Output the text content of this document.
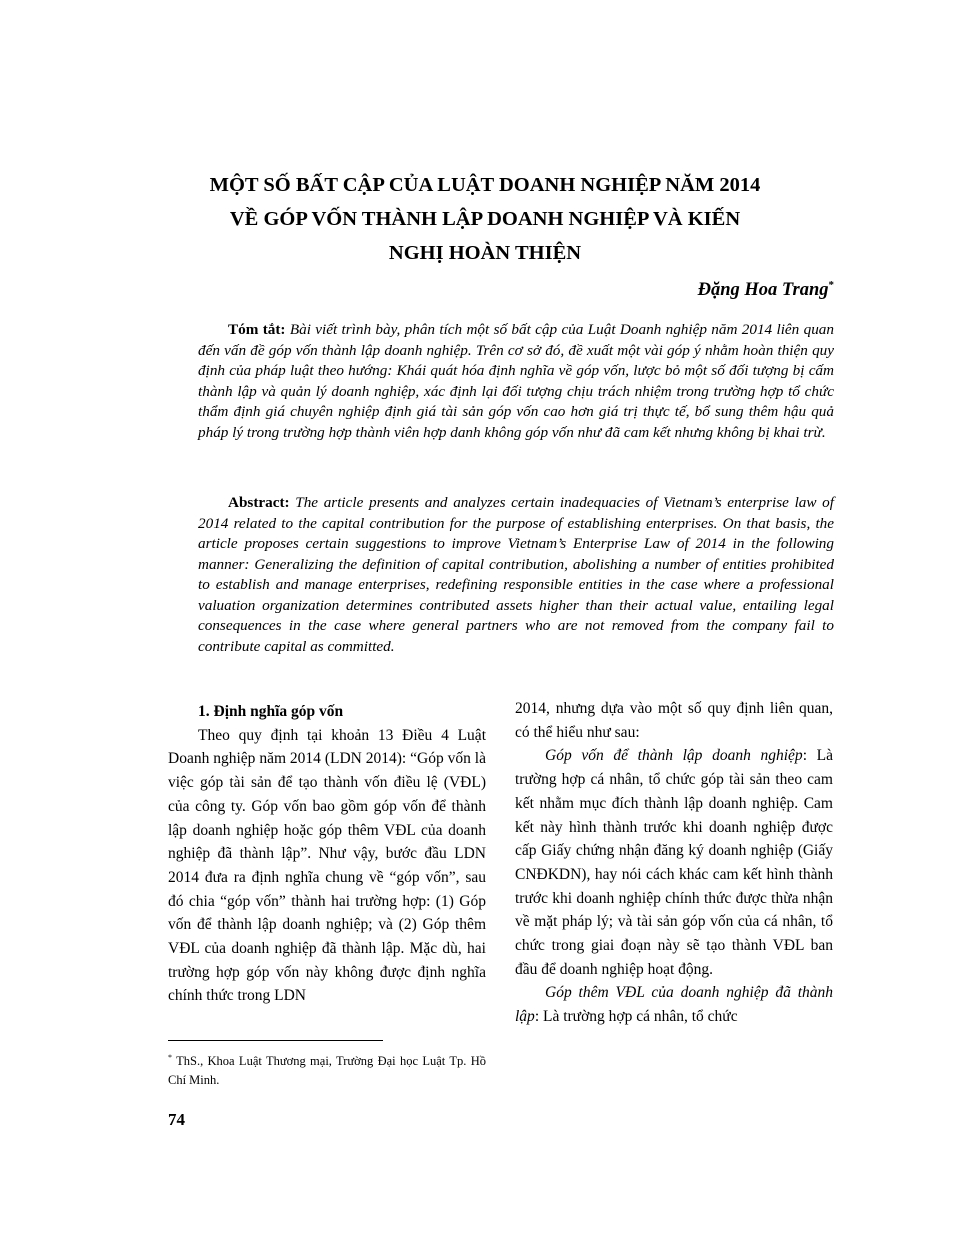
MỘT SỐ BẤT CẬP CỦA LUẬT DOANH NGHIỆP NĂM 2014
VỀ GÓP VỐN THÀNH LẬP DOANH NGHIỆP VÀ KIẾN
NGHỊ HOÀN THIỆN
Đặng Hoa Trang*

Tóm tắt: Bài viết trình bày, phân tích một số bất cập của Luật Doanh nghiệp năm 2014 liên quan đến vấn đề góp vốn thành lập doanh nghiệp. Trên cơ sở đó, đề xuất một vài góp ý nhằm hoàn thiện quy định của pháp luật theo hướng: Khái quát hóa định nghĩa về góp vốn, lược bỏ một số đối tượng bị cấm thành lập và quản lý doanh nghiệp, xác định lại đối tượng chịu trách nhiệm trong trường hợp tổ chức thẩm định giá chuyên nghiệp định giá tài sản góp vốn cao hơn giá trị thực tế, bổ sung thêm hậu quả pháp lý trong trường hợp thành viên hợp danh không góp vốn như đã cam kết nhưng không bị khai trừ.

Abstract: The article presents and analyzes certain inadequacies of Vietnam’s enterprise law of 2014 related to the capital contribution for the purpose of establishing enterprises. On that basis, the article proposes certain suggestions to improve Vietnam’s Enterprise Law of 2014 in the following manner: Generalizing the definition of capital contribution, abolishing a number of entities prohibited to establish and manage enterprises, redefining responsible entities in the case where a professional valuation organization determines contributed assets higher than their actual value, entailing legal consequences in the case where general partners who are not removed from the company fail to contribute capital as committed.

1. Định nghĩa góp vốn

Theo quy định tại khoản 13 Điều 4 Luật Doanh nghiệp năm 2014 (LDN 2014): “Góp vốn là việc góp tài sản để tạo thành vốn điều lệ (VĐL) của công ty. Góp vốn bao gồm góp vốn để thành lập doanh nghiệp hoặc góp thêm VĐL của doanh nghiệp đã thành lập”. Như vậy, bước đầu LDN 2014 đưa ra định nghĩa chung về “góp vốn”, sau đó chia “góp vốn” thành hai trường hợp: (1) Góp vốn để thành lập doanh nghiệp; và (2) Góp thêm VĐL của doanh nghiệp đã thành lập. Mặc dù, hai trường hợp góp vốn này không được định nghĩa chính thức trong LDN

2014, nhưng dựa vào một số quy định liên quan, có thể hiểu như sau:

Góp vốn để thành lập doanh nghiệp: Là trường hợp cá nhân, tổ chức góp tài sản theo cam kết nhằm mục đích thành lập doanh nghiệp. Cam kết này hình thành trước khi doanh nghiệp được cấp Giấy chứng nhận đăng ký doanh nghiệp (Giấy CNĐKDN), hay nói cách khác cam kết hình thành trước khi doanh nghiệp chính thức được thừa nhận về mặt pháp lý; và tài sản góp vốn của cá nhân, tổ chức trong giai đoạn này sẽ tạo thành VĐL ban đầu để doanh nghiệp hoạt động.

Góp thêm VĐL của doanh nghiệp đã thành lập: Là trường hợp cá nhân, tổ chức

* ThS., Khoa Luật Thương mại, Trường Đại học Luật Tp. Hồ Chí Minh.
74
